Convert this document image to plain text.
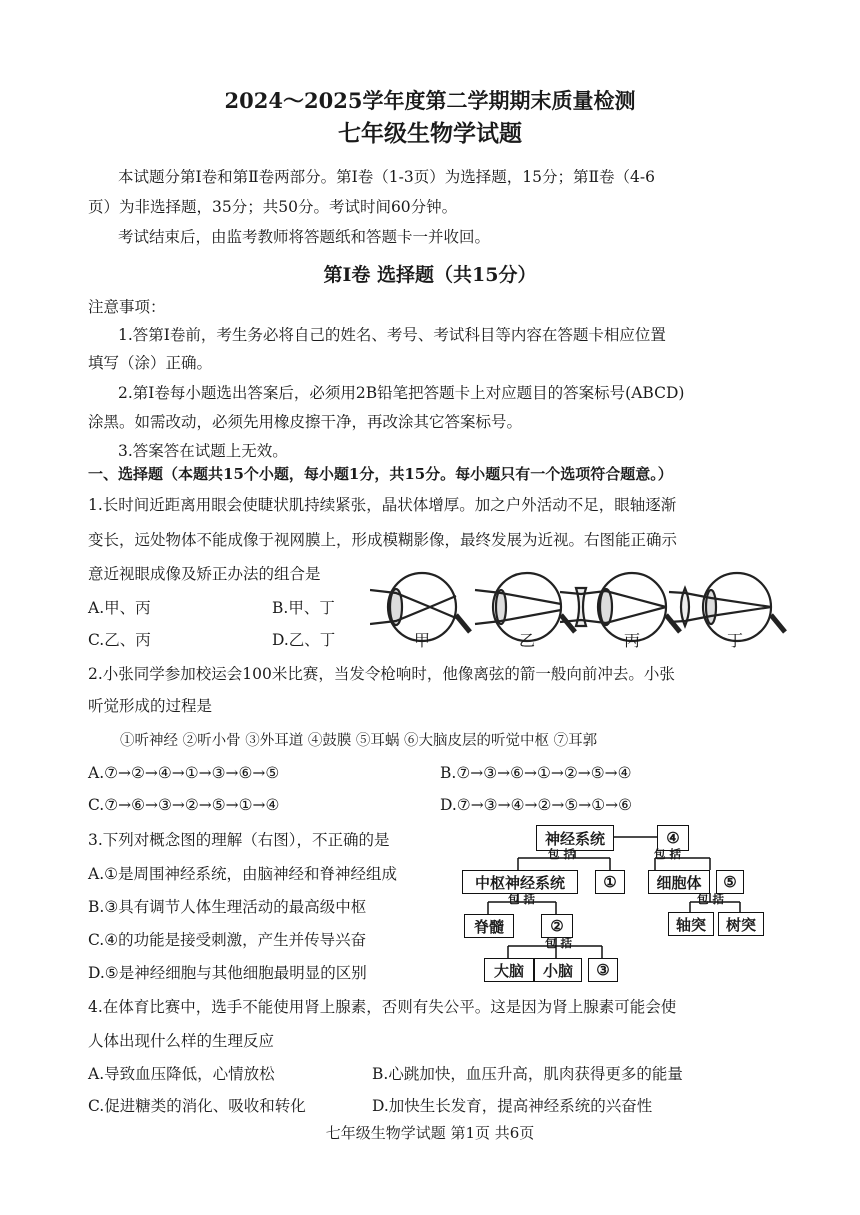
2024～2025学年度第二学期期末质量检测
七年级生物学试题
本试题分第Ⅰ卷和第Ⅱ卷两部分。第Ⅰ卷（1-3页）为选择题，15分；第Ⅱ卷（4-6
页）为非选择题，35分；共50分。考试时间60分钟。
考试结束后，由监考教师将答题纸和答题卡一并收回。
第Ⅰ卷 选择题（共15分）
注意事项：
1.答第Ⅰ卷前，考生务必将自己的姓名、考号、考试科目等内容在答题卡相应位置
填写（涂）正确。
2.第Ⅰ卷每小题选出答案后，必须用2B铅笔把答题卡上对应题目的答案标号(ABCD)
涂黑。如需改动，必须先用橡皮擦干净，再改涂其它答案标号。
3.答案答在试题上无效。
一、选择题（本题共15个小题，每小题1分，共15分。每小题只有一个选项符合题意。）
1.长时间近距离用眼会使睫状肌持续紧张，晶状体增厚。加之户外活动不足，眼轴逐渐
变长，远处物体不能成像于视网膜上，形成模糊影像，最终发展为近视。右图能正确示
意近视眼成像及矫正办法的组合是
A.甲、丙	B.甲、丁
C.乙、丙	D.乙、丁	甲	乙	丙	丁
2.小张同学参加校运会100米比赛，当发令枪响时，他像离弦的箭一般向前冲去。小张
听觉形成的过程是
①听神经 ②听小骨 ③外耳道 ④鼓膜 ⑤耳蜗 ⑥大脑皮层的听觉中枢 ⑦耳郭
A.⑦→②→④→①→③→⑥→⑤	B.⑦→③→⑥→①→②→⑤→④
C.⑦→⑥→③→②→⑤→①→④	D.⑦→③→④→②→⑤→①→⑥
3.下列对概念图的理解（右图），不正确的是
A.①是周围神经系统，由脑神经和脊神经组成
B.③具有调节人体生理活动的最高级中枢
C.④的功能是接受刺激，产生并传导兴奋
D.⑤是神经细胞与其他细胞最明显的区别
神经系统	④
包 括	包 括
中枢神经系统	①	细胞体	⑤
包 括	包 括
脊髓	②	轴突	树突
包 括
大脑	小脑	③
4.在体育比赛中，选手不能使用肾上腺素，否则有失公平。这是因为肾上腺素可能会使
人体出现什么样的生理反应
A.导致血压降低，心情放松	B.心跳加快，血压升高，肌肉获得更多的能量
C.促进糖类的消化、吸收和转化	D.加快生长发育，提高神经系统的兴奋性
七年级生物学试题 第1页 共6页
